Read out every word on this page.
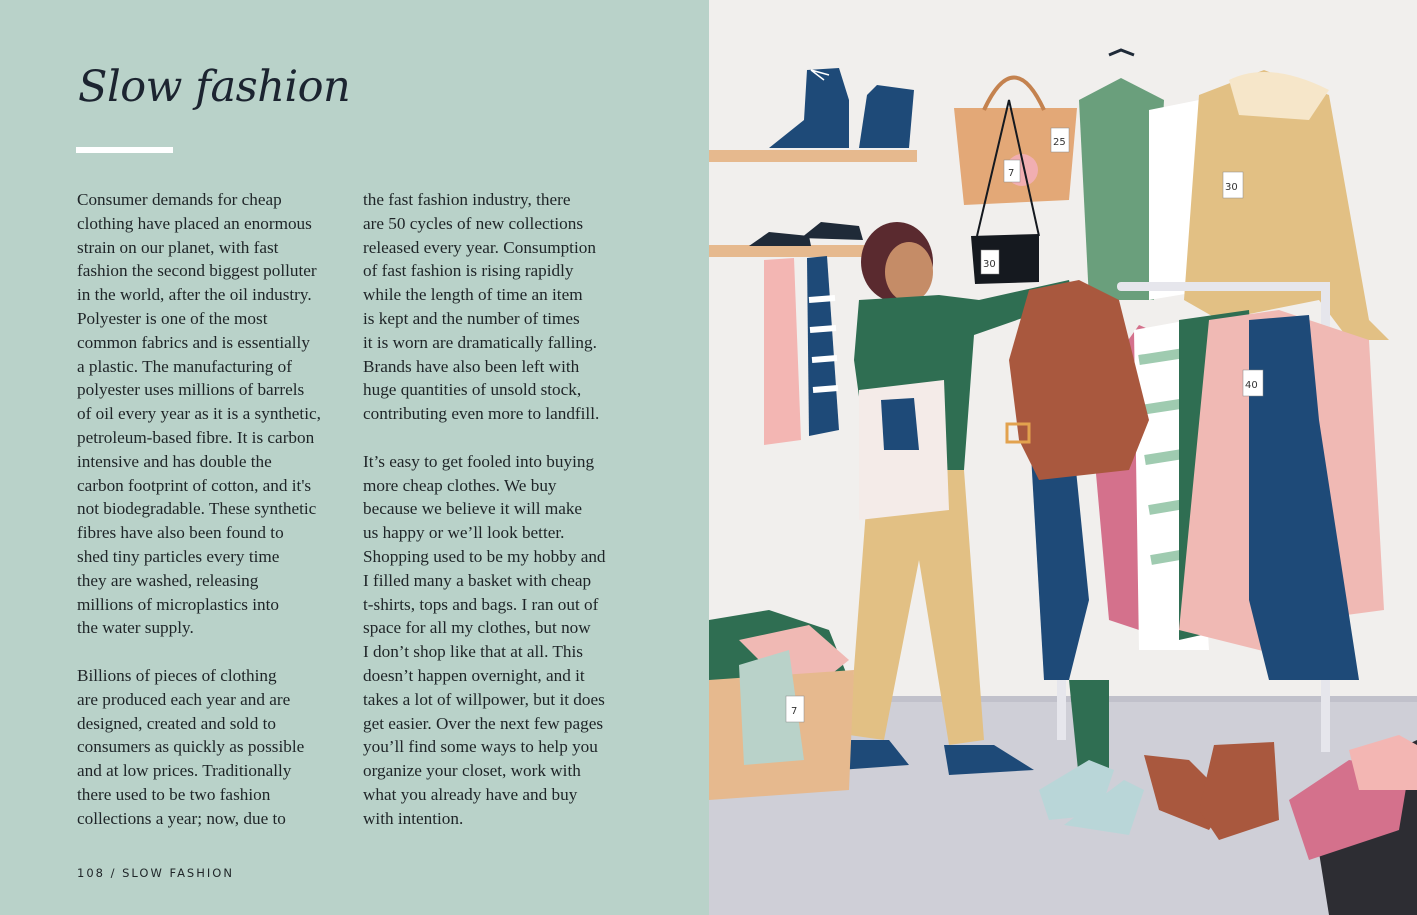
Slow fashion
Consumer demands for cheap
clothing have placed an enormous
strain on our planet, with fast
fashion the second biggest polluter
in the world, after the oil industry.
Polyester is one of the most
common fabrics and is essentially
a plastic. The manufacturing of
polyester uses millions of barrels
of oil every year as it is a synthetic,
petroleum-based fibre. It is carbon
intensive and has double the
carbon footprint of cotton, and it's
not biodegradable. These synthetic
fibres have also been found to
shed tiny particles every time
they are washed, releasing
millions of microplastics into
the water supply.
Billions of pieces of clothing
are produced each year and are
designed, created and sold to
consumers as quickly as possible
and at low prices. Traditionally
there used to be two fashion
collections a year; now, due to
the fast fashion industry, there
are 50 cycles of new collections
released every year. Consumption
of fast fashion is rising rapidly
while the length of time an item
is kept and the number of times
it is worn are dramatically falling.
Brands have also been left with
huge quantities of unsold stock,
contributing even more to landfill.
It’s easy to get fooled into buying
more cheap clothes. We buy
because we believe it will make
us happy or we’ll look better.
Shopping used to be my hobby and
I filled many a basket with cheap
t-shirts, tops and bags. I ran out of
space for all my clothes, but now
I don’t shop like that at all. This
doesn’t happen overnight, and it
takes a lot of willpower, but it does
get easier. Over the next few pages
you’ll find some ways to help you
organize your closet, work with
what you already have and buy
with intention.
108 / SLOW FASHION
25
30
30
40
7
7
